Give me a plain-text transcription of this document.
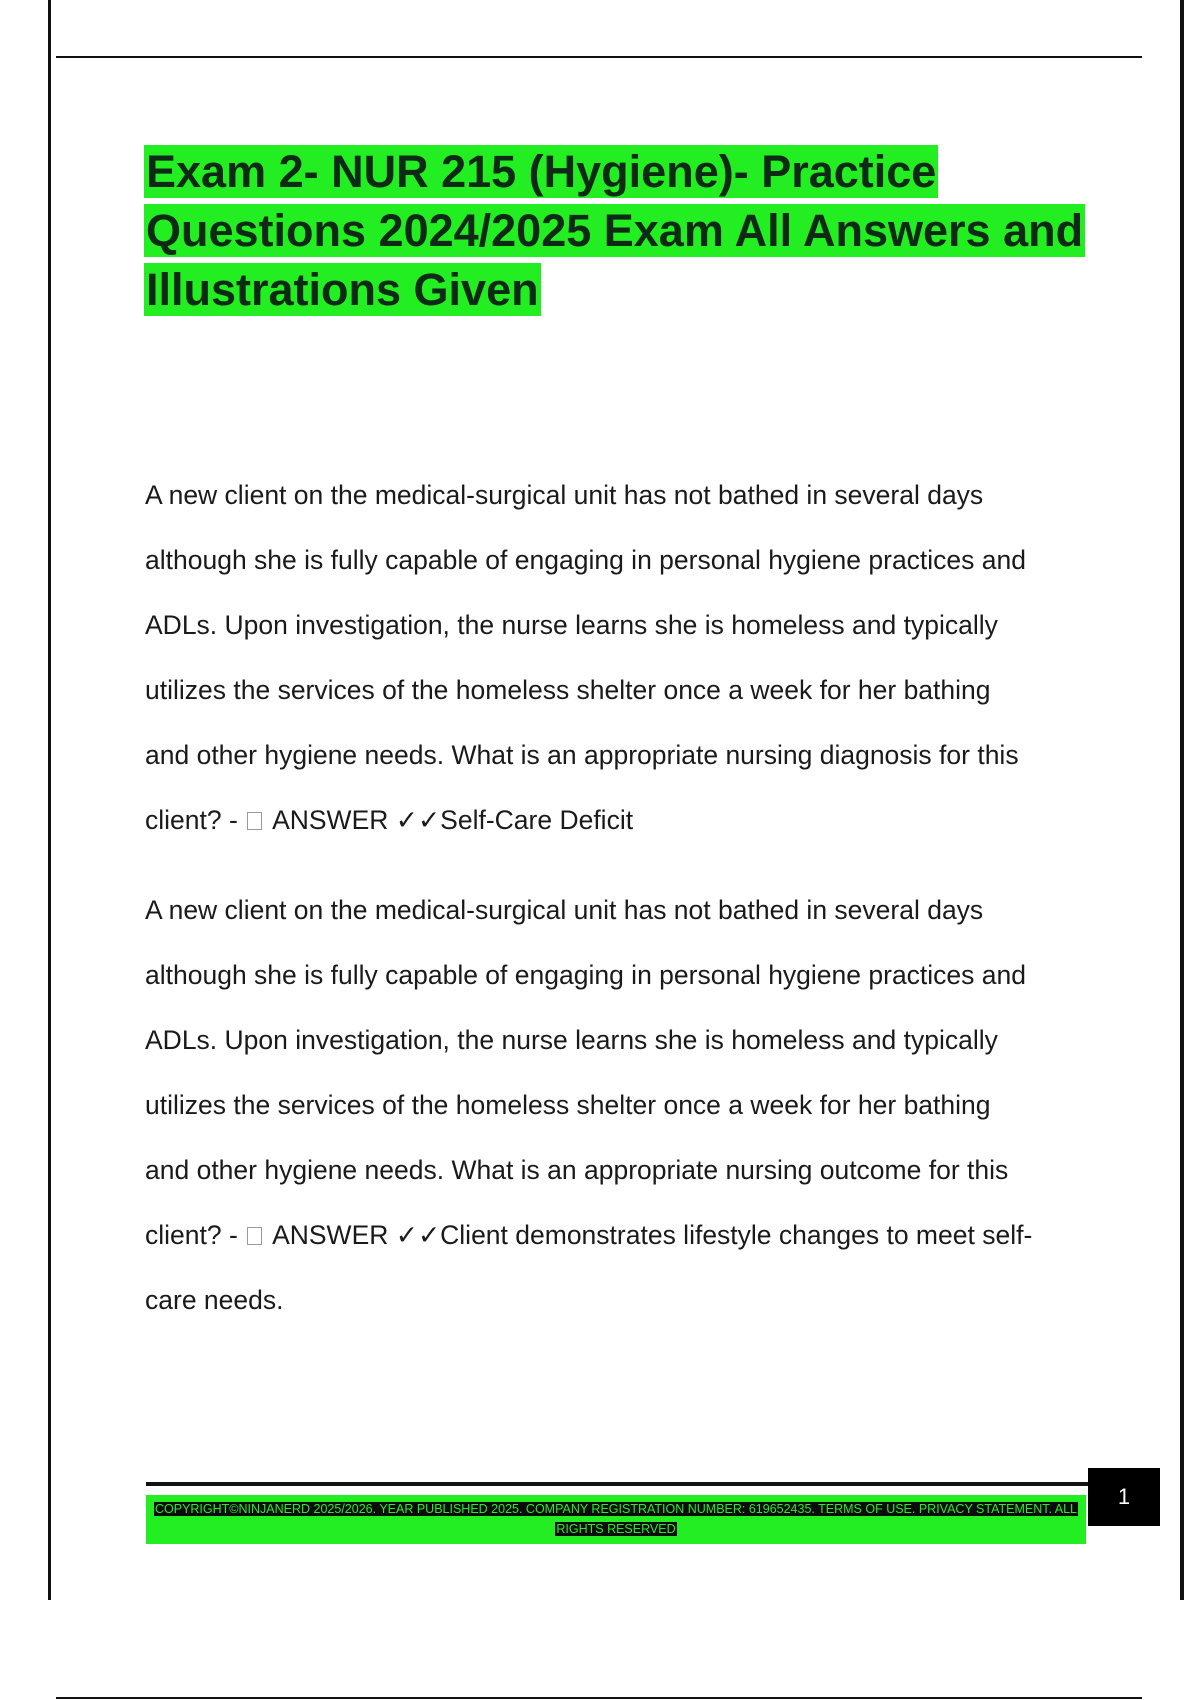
Exam 2- NUR 215 (Hygiene)- Practice Questions 2024/2025 Exam All Answers and Illustrations Given

A new client on the medical-surgical unit has not bathed in several days

although she is fully capable of engaging in personal hygiene practices and

ADLs. Upon investigation, the nurse learns she is homeless and typically

utilizes the services of the homeless shelter once a week for her bathing

and other hygiene needs. What is an appropriate nursing diagnosis for this

client? -  ANSWER ✓✓Self-Care Deficit

A new client on the medical-surgical unit has not bathed in several days

although she is fully capable of engaging in personal hygiene practices and

ADLs. Upon investigation, the nurse learns she is homeless and typically

utilizes the services of the homeless shelter once a week for her bathing

and other hygiene needs. What is an appropriate nursing outcome for this

client? -  ANSWER ✓✓Client demonstrates lifestyle changes to meet self-

care needs.

COPYRIGHT©NINJANERD 2025/2026. YEAR PUBLISHED 2025. COMPANY REGISTRATION NUMBER: 619652435. TERMS OF USE. PRIVACY STATEMENT. ALL RIGHTS RESERVED
1
